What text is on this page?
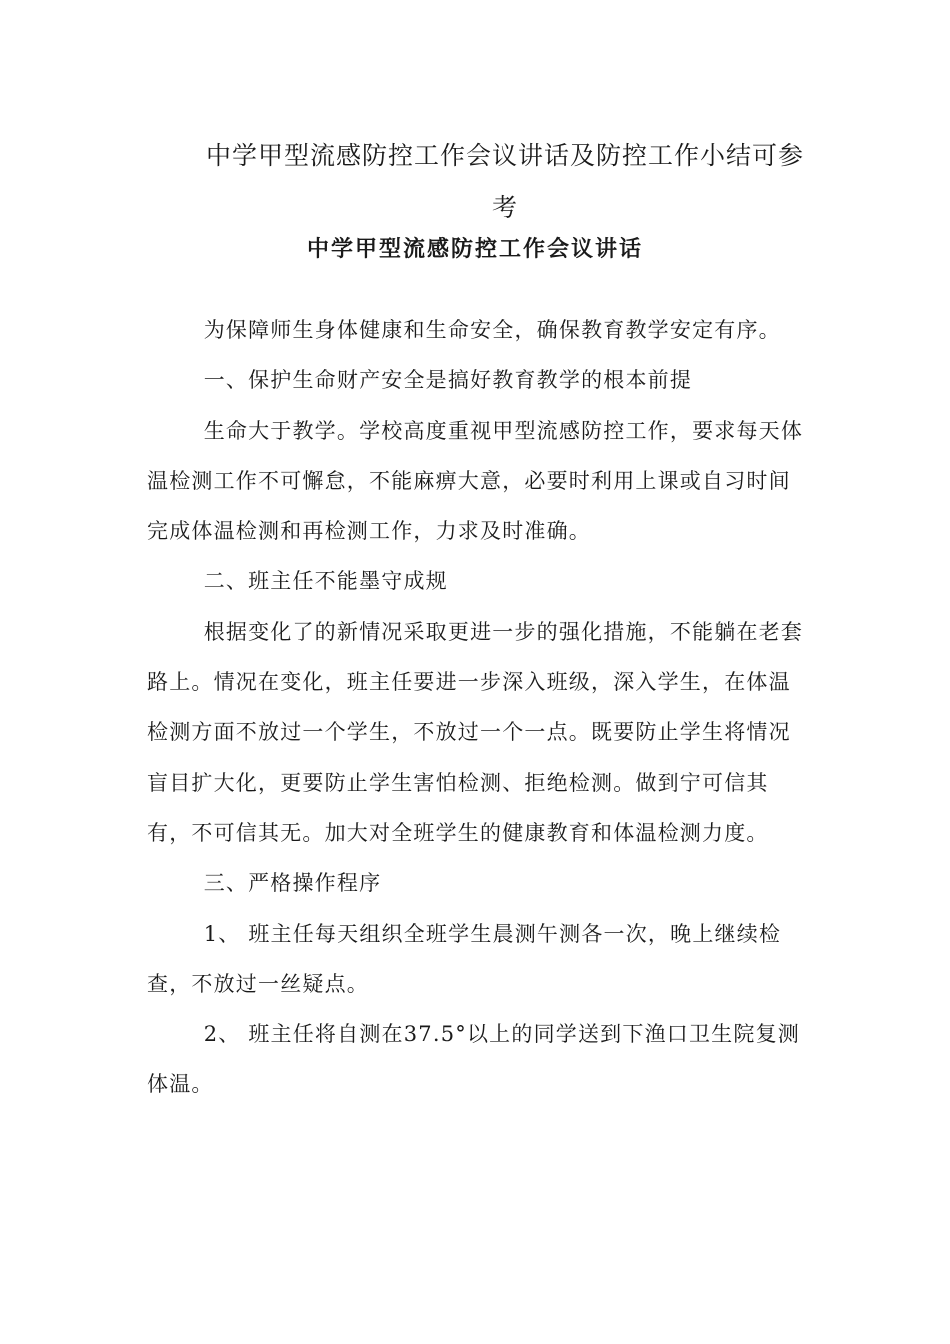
中学甲型流感防控工作会议讲话及防控工作小结可参考
中学甲型流感防控工作会议讲话

为保障师生身体健康和生命安全，确保教育教学安定有序。

一、保护生命财产安全是搞好教育教学的根本前提

生命大于教学。学校高度重视甲型流感防控工作，要求每天体温检测工作不可懈怠，不能麻痹大意，必要时利用上课或自习时间完成体温检测和再检测工作，力求及时准确。

二、班主任不能墨守成规

根据变化了的新情况采取更进一步的强化措施，不能躺在老套路上。情况在变化，班主任要进一步深入班级，深入学生，在体温检测方面不放过一个学生，不放过一个一点。既要防止学生将情况盲目扩大化，更要防止学生害怕检测、拒绝检测。做到宁可信其有，不可信其无。加大对全班学生的健康教育和体温检测力度。

三、严格操作程序

1、 班主任每天组织全班学生晨测午测各一次，晚上继续检查，不放过一丝疑点。

2、 班主任将自测在37.5°以上的同学送到下渔口卫生院复测体温。
